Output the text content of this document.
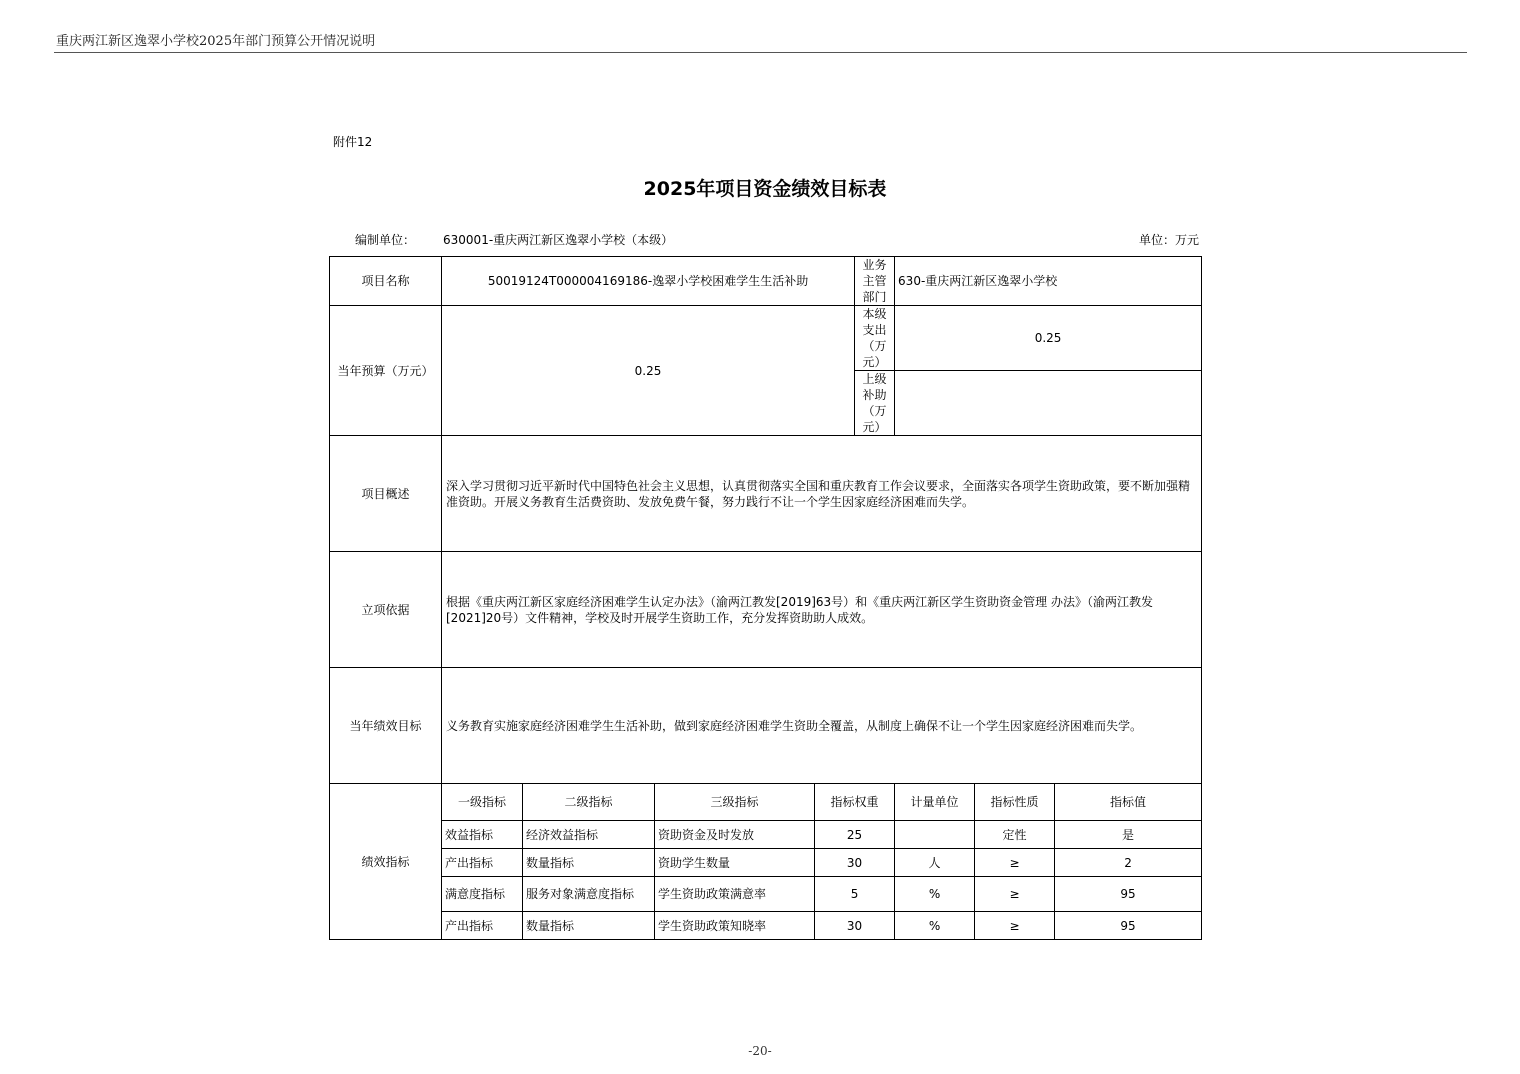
重庆两江新区逸翠小学校2025年部门预算公开情况说明
附件12
2025年项目资金绩效目标表
编制单位： 630001-重庆两江新区逸翠小学校（本级）	单位：万元
项目名称	50019124T000004169186-逸翠小学校困难学生生活补助				业务主管部门	630-重庆两江新区逸翠小学校		
当年预算（万元）	0.25				本级支出（万元）	0.25		
					上级补助（万元）			
项目概述	深入学习贯彻习近平新时代中国特色社会主义思想，认真贯彻落实全国和重庆教育工作会议要求，全面落实各项学生资助政策，要不断加强精准资助。开展义务教育生活费资助、发放免费午餐，努力践行不让一个学生因家庭经济困难而失学。							
立项依据	根据《重庆两江新区家庭经济困难学生认定办法》（渝两江教发[2019]63号）和《重庆两江新区学生资助资金管理 办法》（渝两江教发[2021]20号）文件精神，学校及时开展学生资助工作，充分发挥资助助人成效。							
当年绩效目标	义务教育实施家庭经济困难学生生活补助，做到家庭经济困难学生资助全覆盖，从制度上确保不让一个学生因家庭经济困难而失学。							
绩效指标	一级指标	二级指标	三级指标	指标权重		计量单位	指标性质	指标值
	效益指标	经济效益指标	资助资金及时发放	25			定性	是
	产出指标	数量指标	资助学生数量	30		人	≥	2
	满意度指标	服务对象满意度指标	学生资助政策满意率	5		%	≥	95
	产出指标	数量指标	学生资助政策知晓率	30		%	≥	95
-20-
